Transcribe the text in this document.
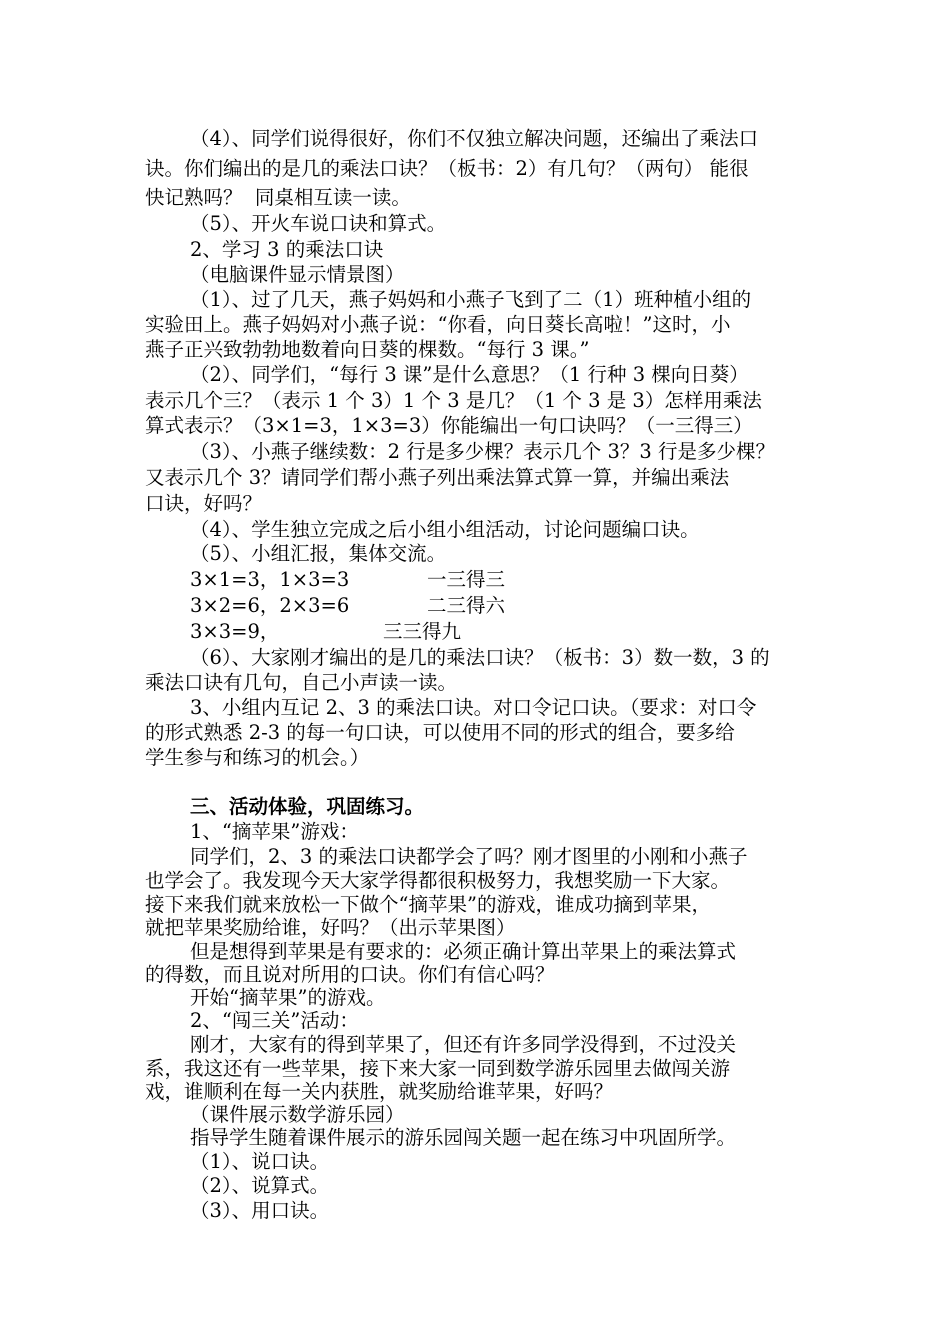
（4）、同学们说得很好，你们不仅独立解决问题，还编出了乘法口
诀。你们编出的是几的乘法口诀？（板书：2）有几句？（两句） 能很
快记熟吗？  同桌相互读一读。
（5）、开火车说口诀和算式。
2、学习 3 的乘法口诀
（电脑课件显示情景图）
（1）、过了几天，燕子妈妈和小燕子飞到了二（1）班种植小组的
实验田上。燕子妈妈对小燕子说：“你看，向日葵长高啦！”这时，小
燕子正兴致勃勃地数着向日葵的棵数。“每行 3 课。”
（2）、同学们，“每行 3 课”是什么意思？（1 行种 3 棵向日葵）
表示几个三？（表示 1 个 3）1 个 3 是几？（1 个 3 是 3）怎样用乘法
算式表示？（3×1=3，1×3=3）你能编出一句口诀吗？（一三得三）
（3）、小燕子继续数：2 行是多少棵？表示几个 3？3 行是多少棵？
又表示几个 3？请同学们帮小燕子列出乘法算式算一算，并编出乘法
口诀，好吗？
（4）、学生独立完成之后小组小组活动，讨论问题编口诀。
（5）、小组汇报，集体交流。
3×1=3，1×3=3	一三得三
3×2=6，2×3=6	二三得六
3×3=9，	三三得九
（6）、大家刚才编出的是几的乘法口诀？（板书：3）数一数，3 的
乘法口诀有几句，自己小声读一读。
3、小组内互记 2、3 的乘法口诀。对口令记口诀。（要求：对口令
的形式熟悉 2-3 的每一句口诀，可以使用不同的形式的组合，要多给
学生参与和练习的机会。）
三、活动体验，巩固练习。
1、“摘苹果”游戏：
同学们，2、3 的乘法口诀都学会了吗？刚才图里的小刚和小燕子
也学会了。我发现今天大家学得都很积极努力，我想奖励一下大家。
接下来我们就来放松一下做个“摘苹果”的游戏，谁成功摘到苹果，
就把苹果奖励给谁，好吗？（出示苹果图）
但是想得到苹果是有要求的：必须正确计算出苹果上的乘法算式
的得数，而且说对所用的口诀。你们有信心吗？
开始“摘苹果”的游戏。
2、“闯三关”活动：
刚才，大家有的得到苹果了，但还有许多同学没得到，不过没关
系，我这还有一些苹果，接下来大家一同到数学游乐园里去做闯关游
戏，谁顺利在每一关内获胜，就奖励给谁苹果，好吗？
（课件展示数学游乐园）
指导学生随着课件展示的游乐园闯关题一起在练习中巩固所学。
（1）、说口诀。
（2）、说算式。
（3）、用口诀。
